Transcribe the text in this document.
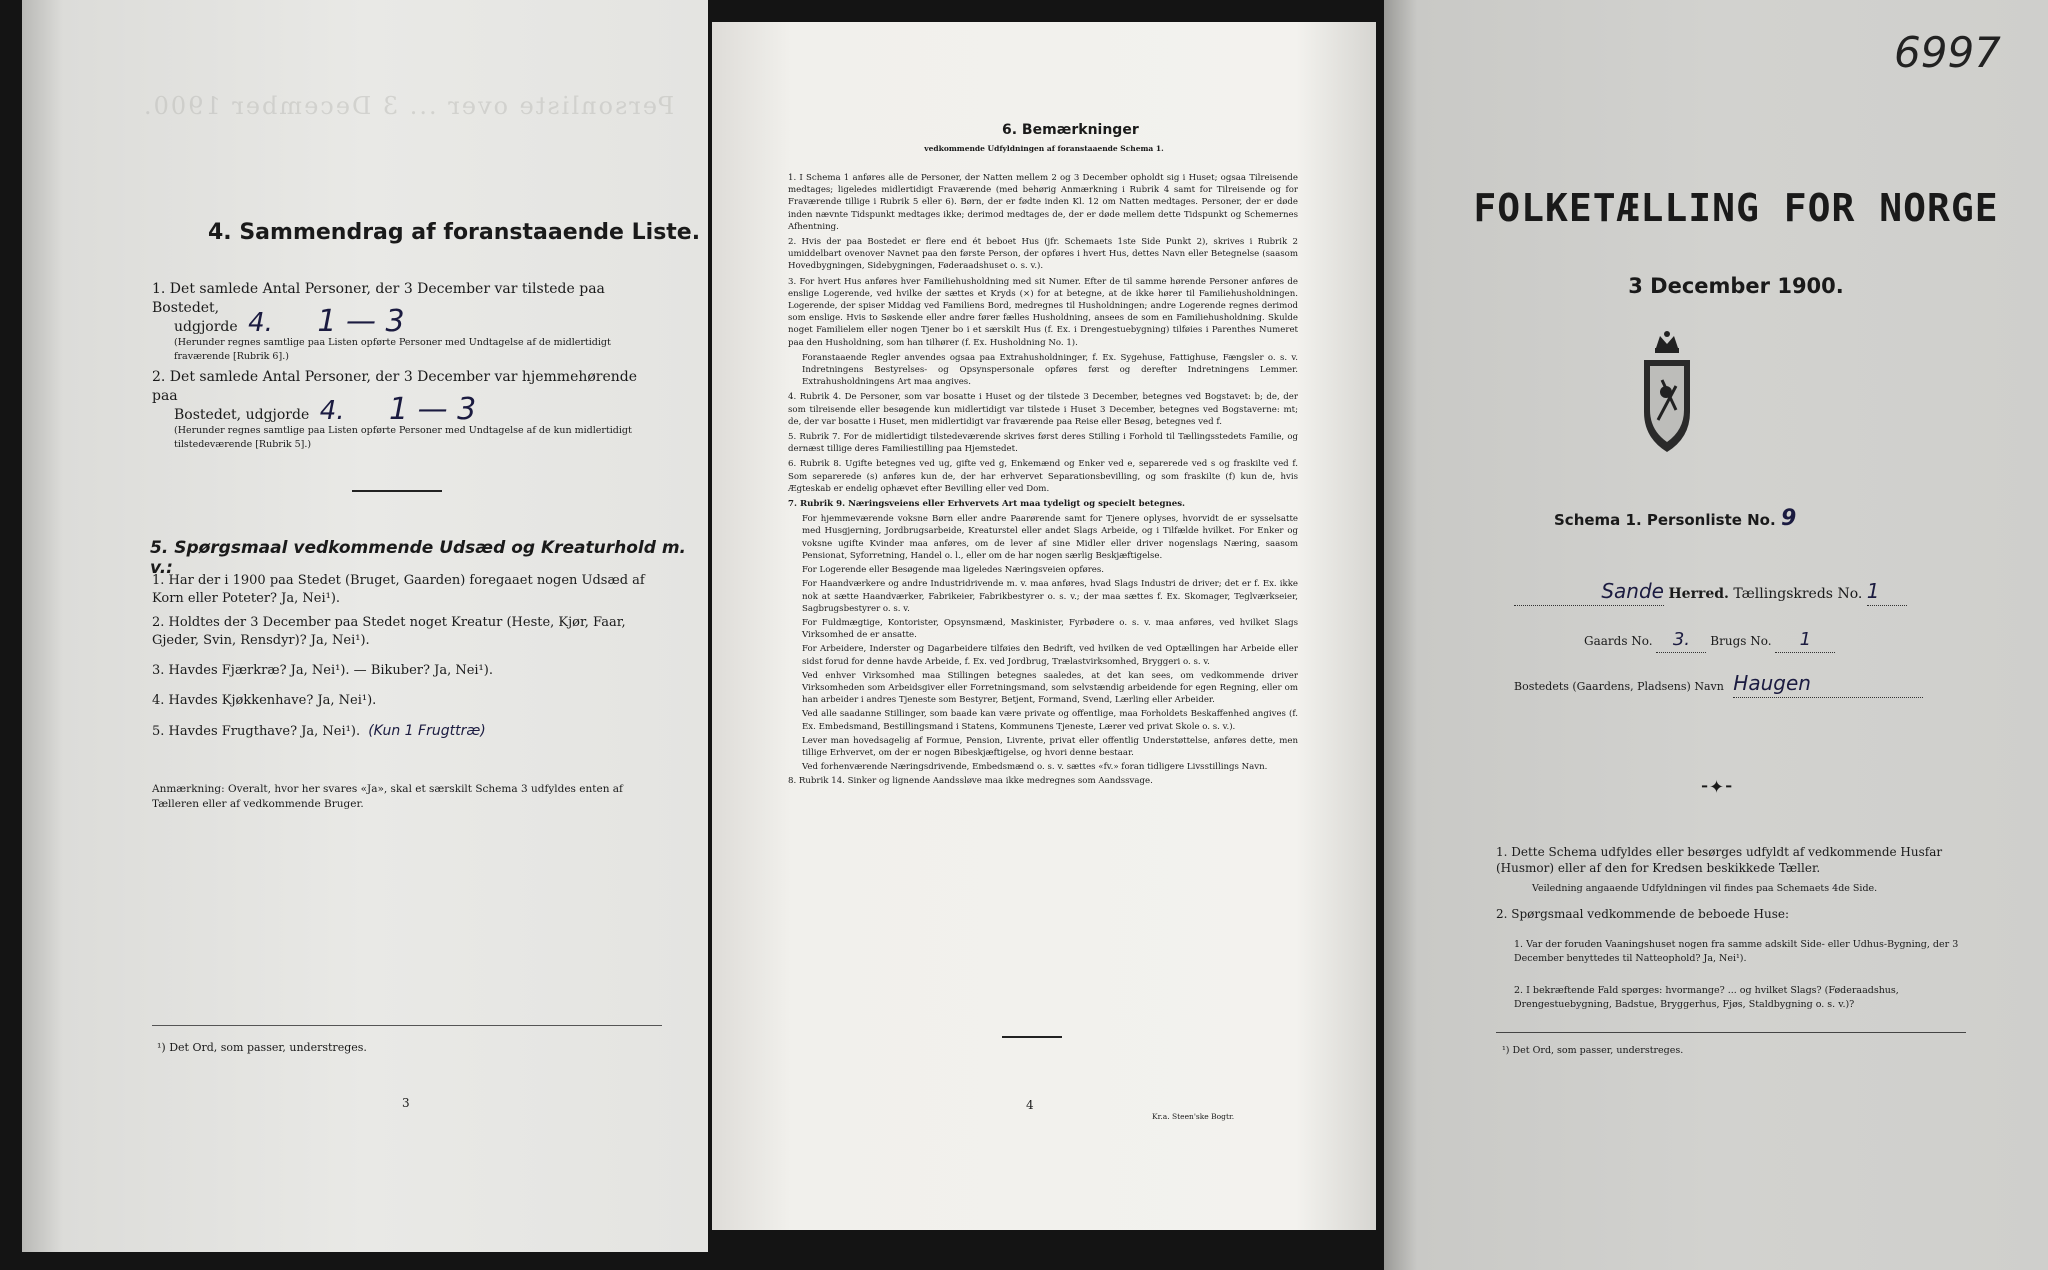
Personliste over ... 3 December 1900.
4. Sammendrag af foranstaaende Liste.
1. Det samlede Antal Personer, der 3 December var tilstede paa Bostedet,
udgjorde 4. 1 — 3
(Herunder regnes samtlige paa Listen opførte Personer med Undtagelse af de midlertidigt fraværende [Rubrik 6].)
2. Det samlede Antal Personer, der 3 December var hjemmehørende paa
Bostedet, udgjorde 4. 1 — 3
(Herunder regnes samtlige paa Listen opførte Personer med Undtagelse af de kun midlertidigt tilstedeværende [Rubrik 5].)
5. Spørgsmaal vedkommende Udsæd og Kreaturhold m. v.:
1. Har der i 1900 paa Stedet (Bruget, Gaarden) foregaaet nogen Udsæd af Korn eller Poteter? Ja, Nei¹).
2. Holdtes der 3 December paa Stedet noget Kreatur (Heste, Kjør, Faar, Gjeder, Svin, Rensdyr)? Ja, Nei¹).
3. Havdes Fjærkræ? Ja, Nei¹). — Bikuber? Ja, Nei¹).
4. Havdes Kjøkkenhave? Ja, Nei¹).
5. Havdes Frugthave? Ja, Nei¹). (Kun 1 Frugttræ)
Anmærkning: Overalt, hvor her svares «Ja», skal et særskilt Schema 3 udfyldes enten af Tælleren eller af vedkommende Bruger.
¹) Det Ord, som passer, understreges.
3
6. Bemærkninger
vedkommende Udfyldningen af foranstaaende Schema 1.

1. I Schema 1 anføres alle de Personer, der Natten mellem 2 og 3 December opholdt sig i Huset; ogsaa Tilreisende medtages; ligeledes midlertidigt Fraværende (med behørig Anmærkning i Rubrik 4 samt for Tilreisende og for Fraværende tillige i Rubrik 5 eller 6). Børn, der er fødte inden Kl. 12 om Natten medtages. Personer, der er døde inden nævnte Tidspunkt medtages ikke; derimod medtages de, der er døde mellem dette Tidspunkt og Schemernes Afhentning.

2. Hvis der paa Bostedet er flere end ét beboet Hus (jfr. Schemaets 1ste Side Punkt 2), skrives i Rubrik 2 umiddelbart ovenover Navnet paa den første Person, der opføres i hvert Hus, dettes Navn eller Betegnelse (saasom Hovedbygningen, Sidebygningen, Føderaadshuset o. s. v.).

3. For hvert Hus anføres hver Familiehusholdning med sit Numer. Efter de til samme hørende Personer anføres de enslige Logerende, ved hvilke der sættes et Kryds (×) for at betegne, at de ikke hører til Familiehusholdningen. Logerende, der spiser Middag ved Familiens Bord, medregnes til Husholdningen; andre Logerende regnes derimod som enslige. Hvis to Søskende eller andre fører fælles Husholdning, ansees de som en Familiehusholdning. Skulde noget Familielem eller nogen Tjener bo i et særskilt Hus (f. Ex. i Drengestuebygning) tilføies i Parenthes Numeret paa den Husholdning, som han tilhører (f. Ex. Husholdning No. 1).

Foranstaaende Regler anvendes ogsaa paa Extrahusholdninger, f. Ex. Sygehuse, Fattighuse, Fængsler o. s. v. Indretningens Bestyrelses- og Opsynspersonale opføres først og derefter Indretningens Lemmer. Extrahusholdningens Art maa angives.

4. Rubrik 4. De Personer, som var bosatte i Huset og der tilstede 3 December, betegnes ved Bogstavet: b; de, der som tilreisende eller besøgende kun midlertidigt var tilstede i Huset 3 December, betegnes ved Bogstaverne: mt; de, der var bosatte i Huset, men midlertidigt var fraværende paa Reise eller Besøg, betegnes ved f.

5. Rubrik 7. For de midlertidigt tilstedeværende skrives først deres Stilling i Forhold til Tællingsstedets Familie, og dernæst tillige deres Familiestilling paa Hjemstedet.

6. Rubrik 8. Ugifte betegnes ved ug, gifte ved g, Enkemænd og Enker ved e, separerede ved s og fraskilte ved f. Som separerede (s) anføres kun de, der har erhvervet Separationsbevilling, og som fraskilte (f) kun de, hvis Ægteskab er endelig ophævet efter Bevilling eller ved Dom.

7. Rubrik 9. Næringsveiens eller Erhvervets Art maa tydeligt og specielt betegnes.

For hjemmeværende voksne Børn eller andre Paarørende samt for Tjenere oplyses, hvorvidt de er sysselsatte med Husgjerning, Jordbrugsarbeide, Kreaturstel eller andet Slags Arbeide, og i Tilfælde hvilket. For Enker og voksne ugifte Kvinder maa anføres, om de lever af sine Midler eller driver nogenslags Næring, saasom Pensionat, Syforretning, Handel o. l., eller om de har nogen særlig Beskjæftigelse.

For Logerende eller Besøgende maa ligeledes Næringsveien opføres.

For Haandværkere og andre Industridrivende m. v. maa anføres, hvad Slags Industri de driver; det er f. Ex. ikke nok at sætte Haandværker, Fabrikeier, Fabrikbestyrer o. s. v.; der maa sættes f. Ex. Skomager, Teglværkseier, Sagbrugsbestyrer o. s. v.

For Fuldmægtige, Kontorister, Opsynsmænd, Maskinister, Fyrbødere o. s. v. maa anføres, ved hvilket Slags Virksomhed de er ansatte.

For Arbeidere, Inderster og Dagarbeidere tilføies den Bedrift, ved hvilken de ved Optællingen har Arbeide eller sidst forud for denne havde Arbeide, f. Ex. ved Jordbrug, Trælastvirksomhed, Bryggeri o. s. v.

Ved enhver Virksomhed maa Stillingen betegnes saaledes, at det kan sees, om vedkommende driver Virksomheden som Arbeidsgiver eller Forretningsmand, som selvstændig arbeidende for egen Regning, eller om han arbeider i andres Tjeneste som Bestyrer, Betjent, Formand, Svend, Lærling eller Arbeider.

Ved alle saadanne Stillinger, som baade kan være private og offentlige, maa Forholdets Beskaffenhed angives (f. Ex. Embedsmand, Bestillingsmand i Statens, Kommunens Tjeneste, Lærer ved privat Skole o. s. v.).

Lever man hovedsagelig af Formue, Pension, Livrente, privat eller offentlig Understøttelse, anføres dette, men tillige Erhvervet, om der er nogen Bibeskjæftigelse, og hvori denne bestaar.

Ved forhenværende Næringsdrivende, Embedsmænd o. s. v. sættes «fv.» foran tidligere Livsstillings Navn.

8. Rubrik 14. Sinker og lignende Aandssløve maa ikke medregnes som Aandssvage.

4
Kr.a. Steen'ske Bogtr.
6997
FOLKETÆLLING FOR NORGE
3 December 1900.
Schema 1. Personliste No. 9
Sande Herred. Tællingskreds No. 1
Gaards No. 3. Brugs No. 1
Bostedets (Gaardens, Pladsens) Navn Haugen
⁃✦⁃
1. Dette Schema udfyldes eller besørges udfyldt af vedkommende Husfar (Husmor) eller af den for Kredsen beskikkede Tæller.
Veiledning angaaende Udfyldningen vil findes paa Schemaets 4de Side.
2. Spørgsmaal vedkommende de beboede Huse:
1. Var der foruden Vaaningshuset nogen fra samme adskilt Side- eller Udhus-Bygning, der 3 December benyttedes til Natteophold? Ja, Nei¹).
2. I bekræftende Fald spørges: hvormange? ... og hvilket Slags? (Føderaadshus, Drengestuebygning, Badstue, Bryggerhus, Fjøs, Staldbygning o. s. v.)?
¹) Det Ord, som passer, understreges.
